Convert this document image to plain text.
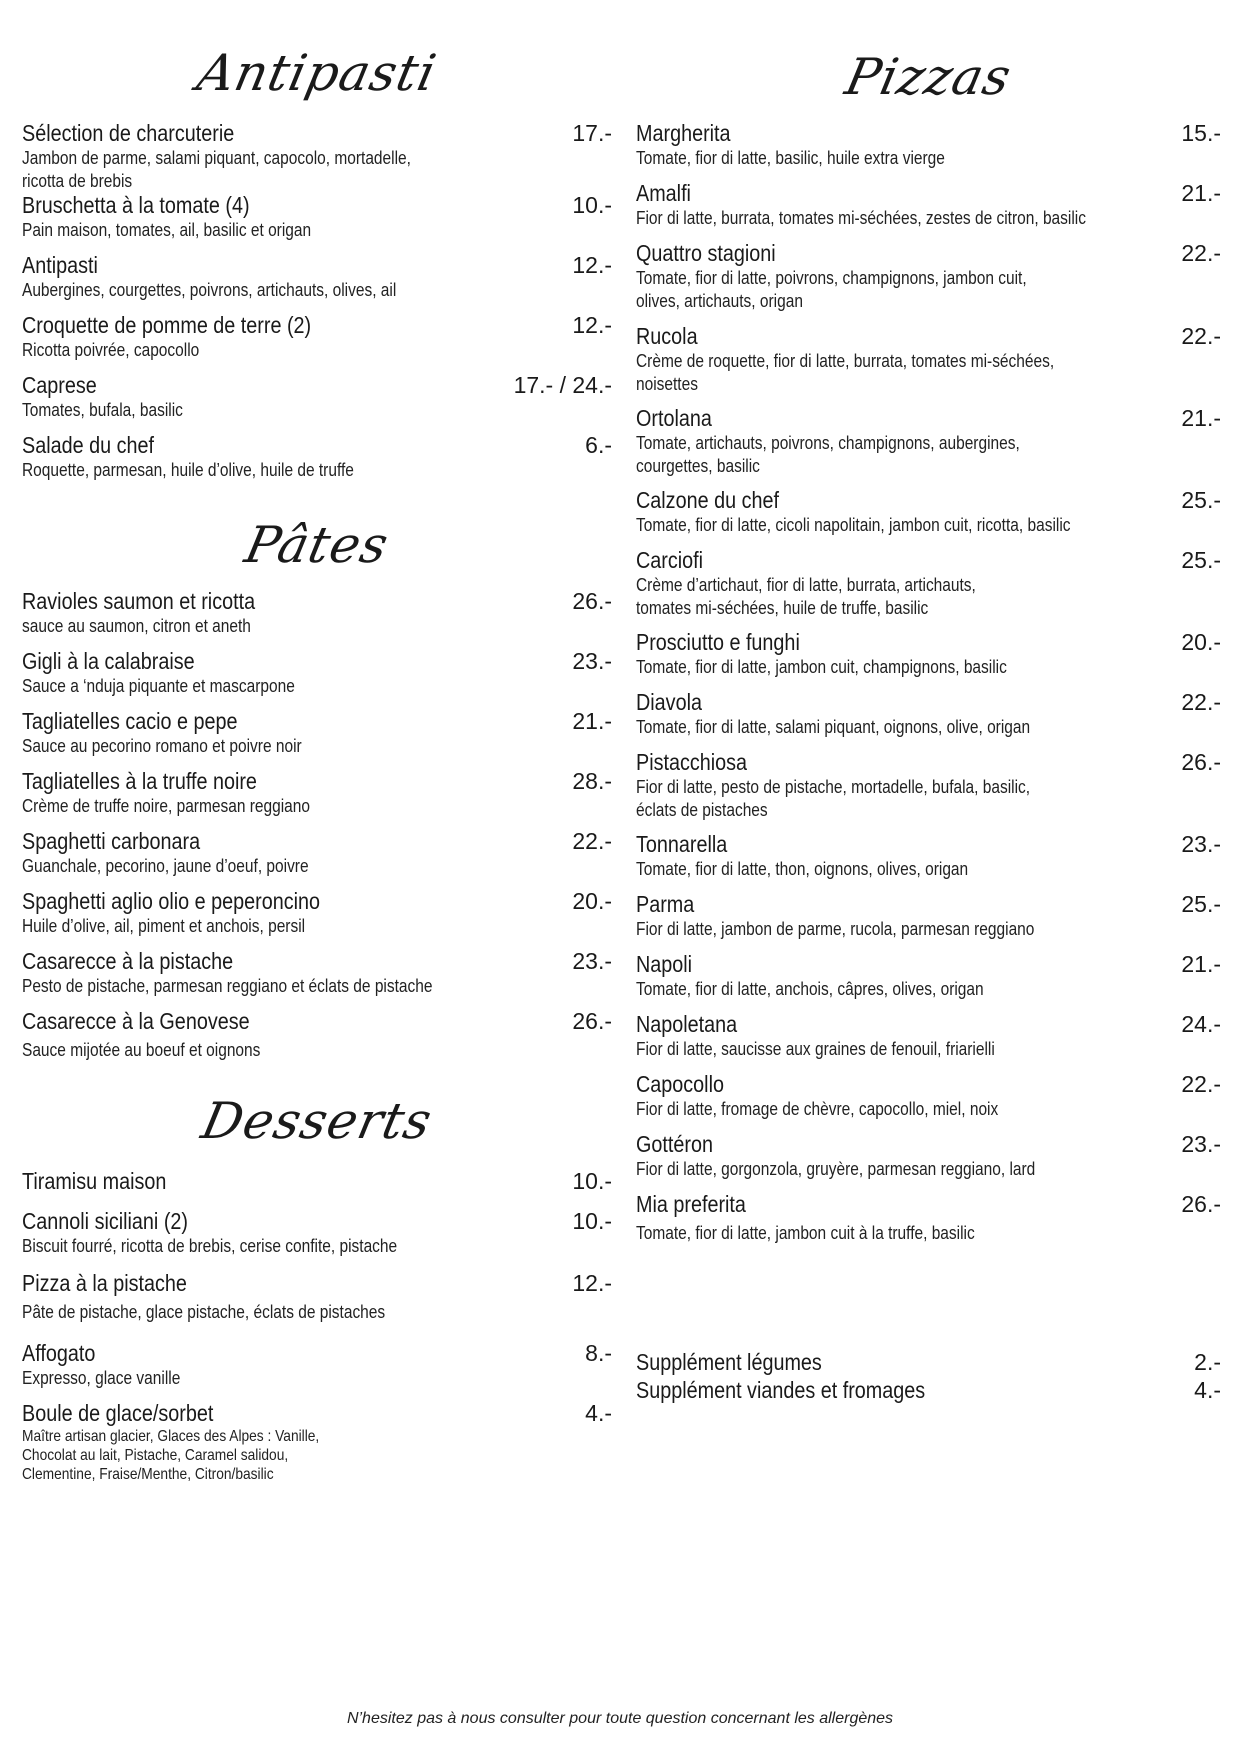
Antipasti
Sélection de charcuterie	17.-
Jambon de parme, salami piquant, capocolo, mortadelle, ricotta de brebis
Bruschetta à la tomate (4)	10.-
Pain maison, tomates, ail, basilic et origan
Antipasti	12.-
Aubergines, courgettes, poivrons, artichauts, olives, ail
Croquette de pomme de terre (2)	12.-
Ricotta poivrée, capocollo
Caprese	17.- / 24.-
Tomates, bufala, basilic
Salade du chef	6.-
Roquette, parmesan, huile d’olive, huile de truffe
Pâtes
Ravioles saumon et ricotta	26.-
sauce au saumon, citron et aneth
Gigli à la calabraise	23.-
Sauce a ‘nduja piquante et mascarpone
Tagliatelles cacio e pepe	21.-
Sauce au pecorino romano et poivre noir
Tagliatelles à la truffe noire	28.-
Crème de truffe noire, parmesan reggiano
Spaghetti carbonara	22.-
Guanchale, pecorino, jaune d’oeuf, poivre
Spaghetti aglio olio e peperoncino	20.-
Huile d’olive, ail, piment et anchois, persil
Casarecce à la pistache	23.-
Pesto de pistache, parmesan reggiano et éclats de pistache
Casarecce à la Genovese	26.-
Sauce mijotée au boeuf et oignons
Desserts
Tiramisu maison	10.-
Cannoli siciliani (2)	10.-
Biscuit fourré, ricotta de brebis, cerise confite, pistache
Pizza à la pistache	12.-
Pâte de pistache, glace pistache, éclats de pistaches
Affogato	8.-
Expresso, glace vanille
Boule de glace/sorbet	4.-
Maître artisan glacier, Glaces des Alpes : Vanille, Chocolat au lait, Pistache, Caramel salidou, Clementine, Fraise/Menthe, Citron/basilic
Pizzas
Margherita	15.-
Tomate, fior di latte, basilic, huile extra vierge
Amalfi	21.-
Fior di latte, burrata, tomates mi-séchées, zestes de citron, basilic
Quattro stagioni	22.-
Tomate, fior di latte, poivrons, champignons, jambon cuit, olives, artichauts, origan
Rucola	22.-
Crème de roquette, fior di latte, burrata, tomates mi-séchées, noisettes
Ortolana	21.-
Tomate, artichauts, poivrons, champignons, aubergines, courgettes, basilic
Calzone du chef	25.-
Tomate, fior di latte, cicoli napolitain, jambon cuit, ricotta, basilic
Carciofi	25.-
Crème d’artichaut, fior di latte, burrata, artichauts, tomates mi-séchées, huile de truffe, basilic
Prosciutto e funghi	20.-
Tomate, fior di latte, jambon cuit, champignons, basilic
Diavola	22.-
Tomate, fior di latte, salami piquant, oignons, olive, origan
Pistacchiosa	26.-
Fior di latte, pesto de pistache, mortadelle, bufala, basilic, éclats de pistaches
Tonnarella	23.-
Tomate, fior di latte, thon, oignons, olives, origan
Parma	25.-
Fior di latte, jambon de parme, rucola, parmesan reggiano
Napoli	21.-
Tomate, fior di latte, anchois, câpres, olives, origan
Napoletana	24.-
Fior di latte, saucisse aux graines de fenouil, friarielli
Capocollo	22.-
Fior di latte, fromage de chèvre, capocollo, miel, noix
Gottéron	23.-
Fior di latte, gorgonzola, gruyère, parmesan reggiano, lard
Mia preferita	26.-
Tomate, fior di latte, jambon cuit à la truffe, basilic
Supplément légumes	2.-
Supplément viandes et fromages	4.-
N’hesitez pas à nous consulter pour toute question concernant les allergènes
